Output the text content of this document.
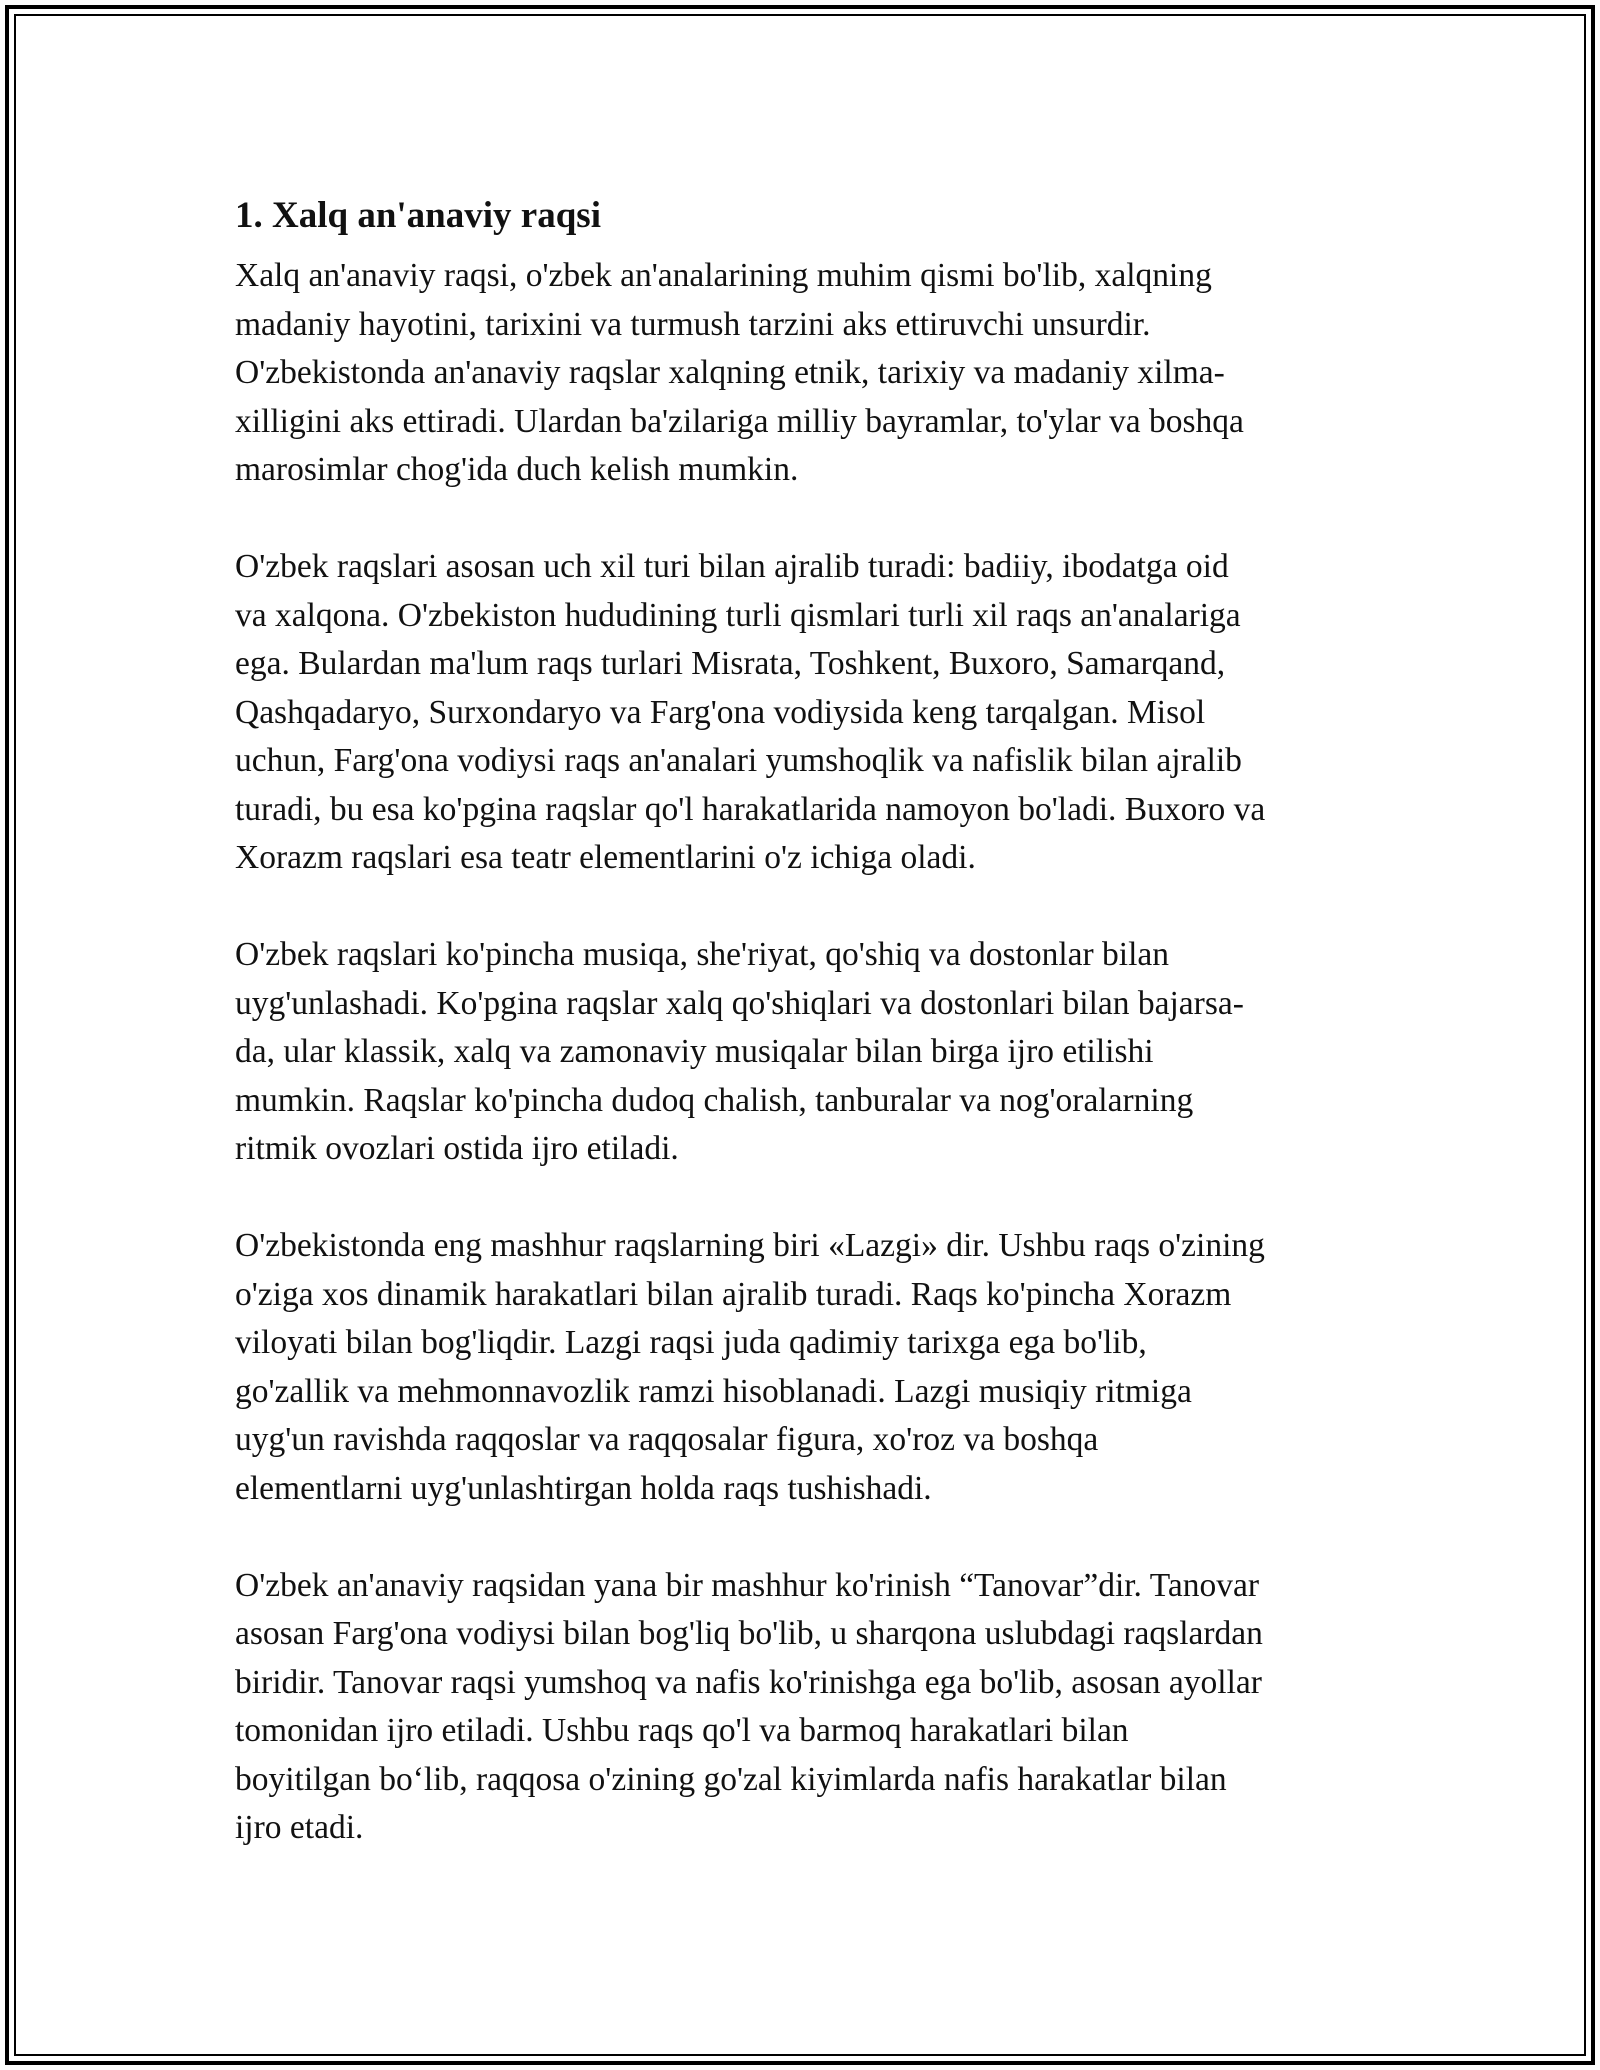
1. Xalq an'anaviy raqsi

Xalq an'anaviy raqsi, o'zbek an'analarining muhim qismi bo'lib, xalqning
madaniy hayotini, tarixini va turmush tarzini aks ettiruvchi unsurdir.
O'zbekistonda an'anaviy raqslar xalqning etnik, tarixiy va madaniy xilma-
xilligini aks ettiradi. Ulardan ba'zilariga milliy bayramlar, to'ylar va boshqa
marosimlar chog'ida duch kelish mumkin.

O'zbek raqslari asosan uch xil turi bilan ajralib turadi: badiiy, ibodatga oid
va xalqona. O'zbekiston hududining turli qismlari turli xil raqs an'analariga
ega. Bulardan ma'lum raqs turlari Misrata, Toshkent, Buxoro, Samarqand,
Qashqadaryo, Surxondaryo va Farg'ona vodiysida keng tarqalgan. Misol
uchun, Farg'ona vodiysi raqs an'analari yumshoqlik va nafislik bilan ajralib
turadi, bu esa ko'pgina raqslar qo'l harakatlarida namoyon bo'ladi. Buxoro va
Xorazm raqslari esa teatr elementlarini o'z ichiga oladi.

O'zbek raqslari ko'pincha musiqa, she'riyat, qo'shiq va dostonlar bilan
uyg'unlashadi. Ko'pgina raqslar xalq qo'shiqlari va dostonlari bilan bajarsa-
da, ular klassik, xalq va zamonaviy musiqalar bilan birga ijro etilishi
mumkin. Raqslar ko'pincha dudoq chalish, tanburalar va nog'oralarning
ritmik ovozlari ostida ijro etiladi.

O'zbekistonda eng mashhur raqslarning biri «Lazgi» dir. Ushbu raqs o'zining
o'ziga xos dinamik harakatlari bilan ajralib turadi. Raqs ko'pincha Xorazm
viloyati bilan bog'liqdir. Lazgi raqsi juda qadimiy tarixga ega bo'lib,
go'zallik va mehmonnavozlik ramzi hisoblanadi. Lazgi musiqiy ritmiga
uyg'un ravishda raqqoslar va raqqosalar figura, xo'roz va boshqa
elementlarni uyg'unlashtirgan holda raqs tushishadi.

O'zbek an'anaviy raqsidan yana bir mashhur ko'rinish “Tanovar”dir. Tanovar
asosan Farg'ona vodiysi bilan bog'liq bo'lib, u sharqona uslubdagi raqslardan
biridir. Tanovar raqsi yumshoq va nafis ko'rinishga ega bo'lib, asosan ayollar
tomonidan ijro etiladi. Ushbu raqs qo'l va barmoq harakatlari bilan
boyitilgan bo‘lib, raqqosa o'zining go'zal kiyimlarda nafis harakatlar bilan
ijro etadi.
